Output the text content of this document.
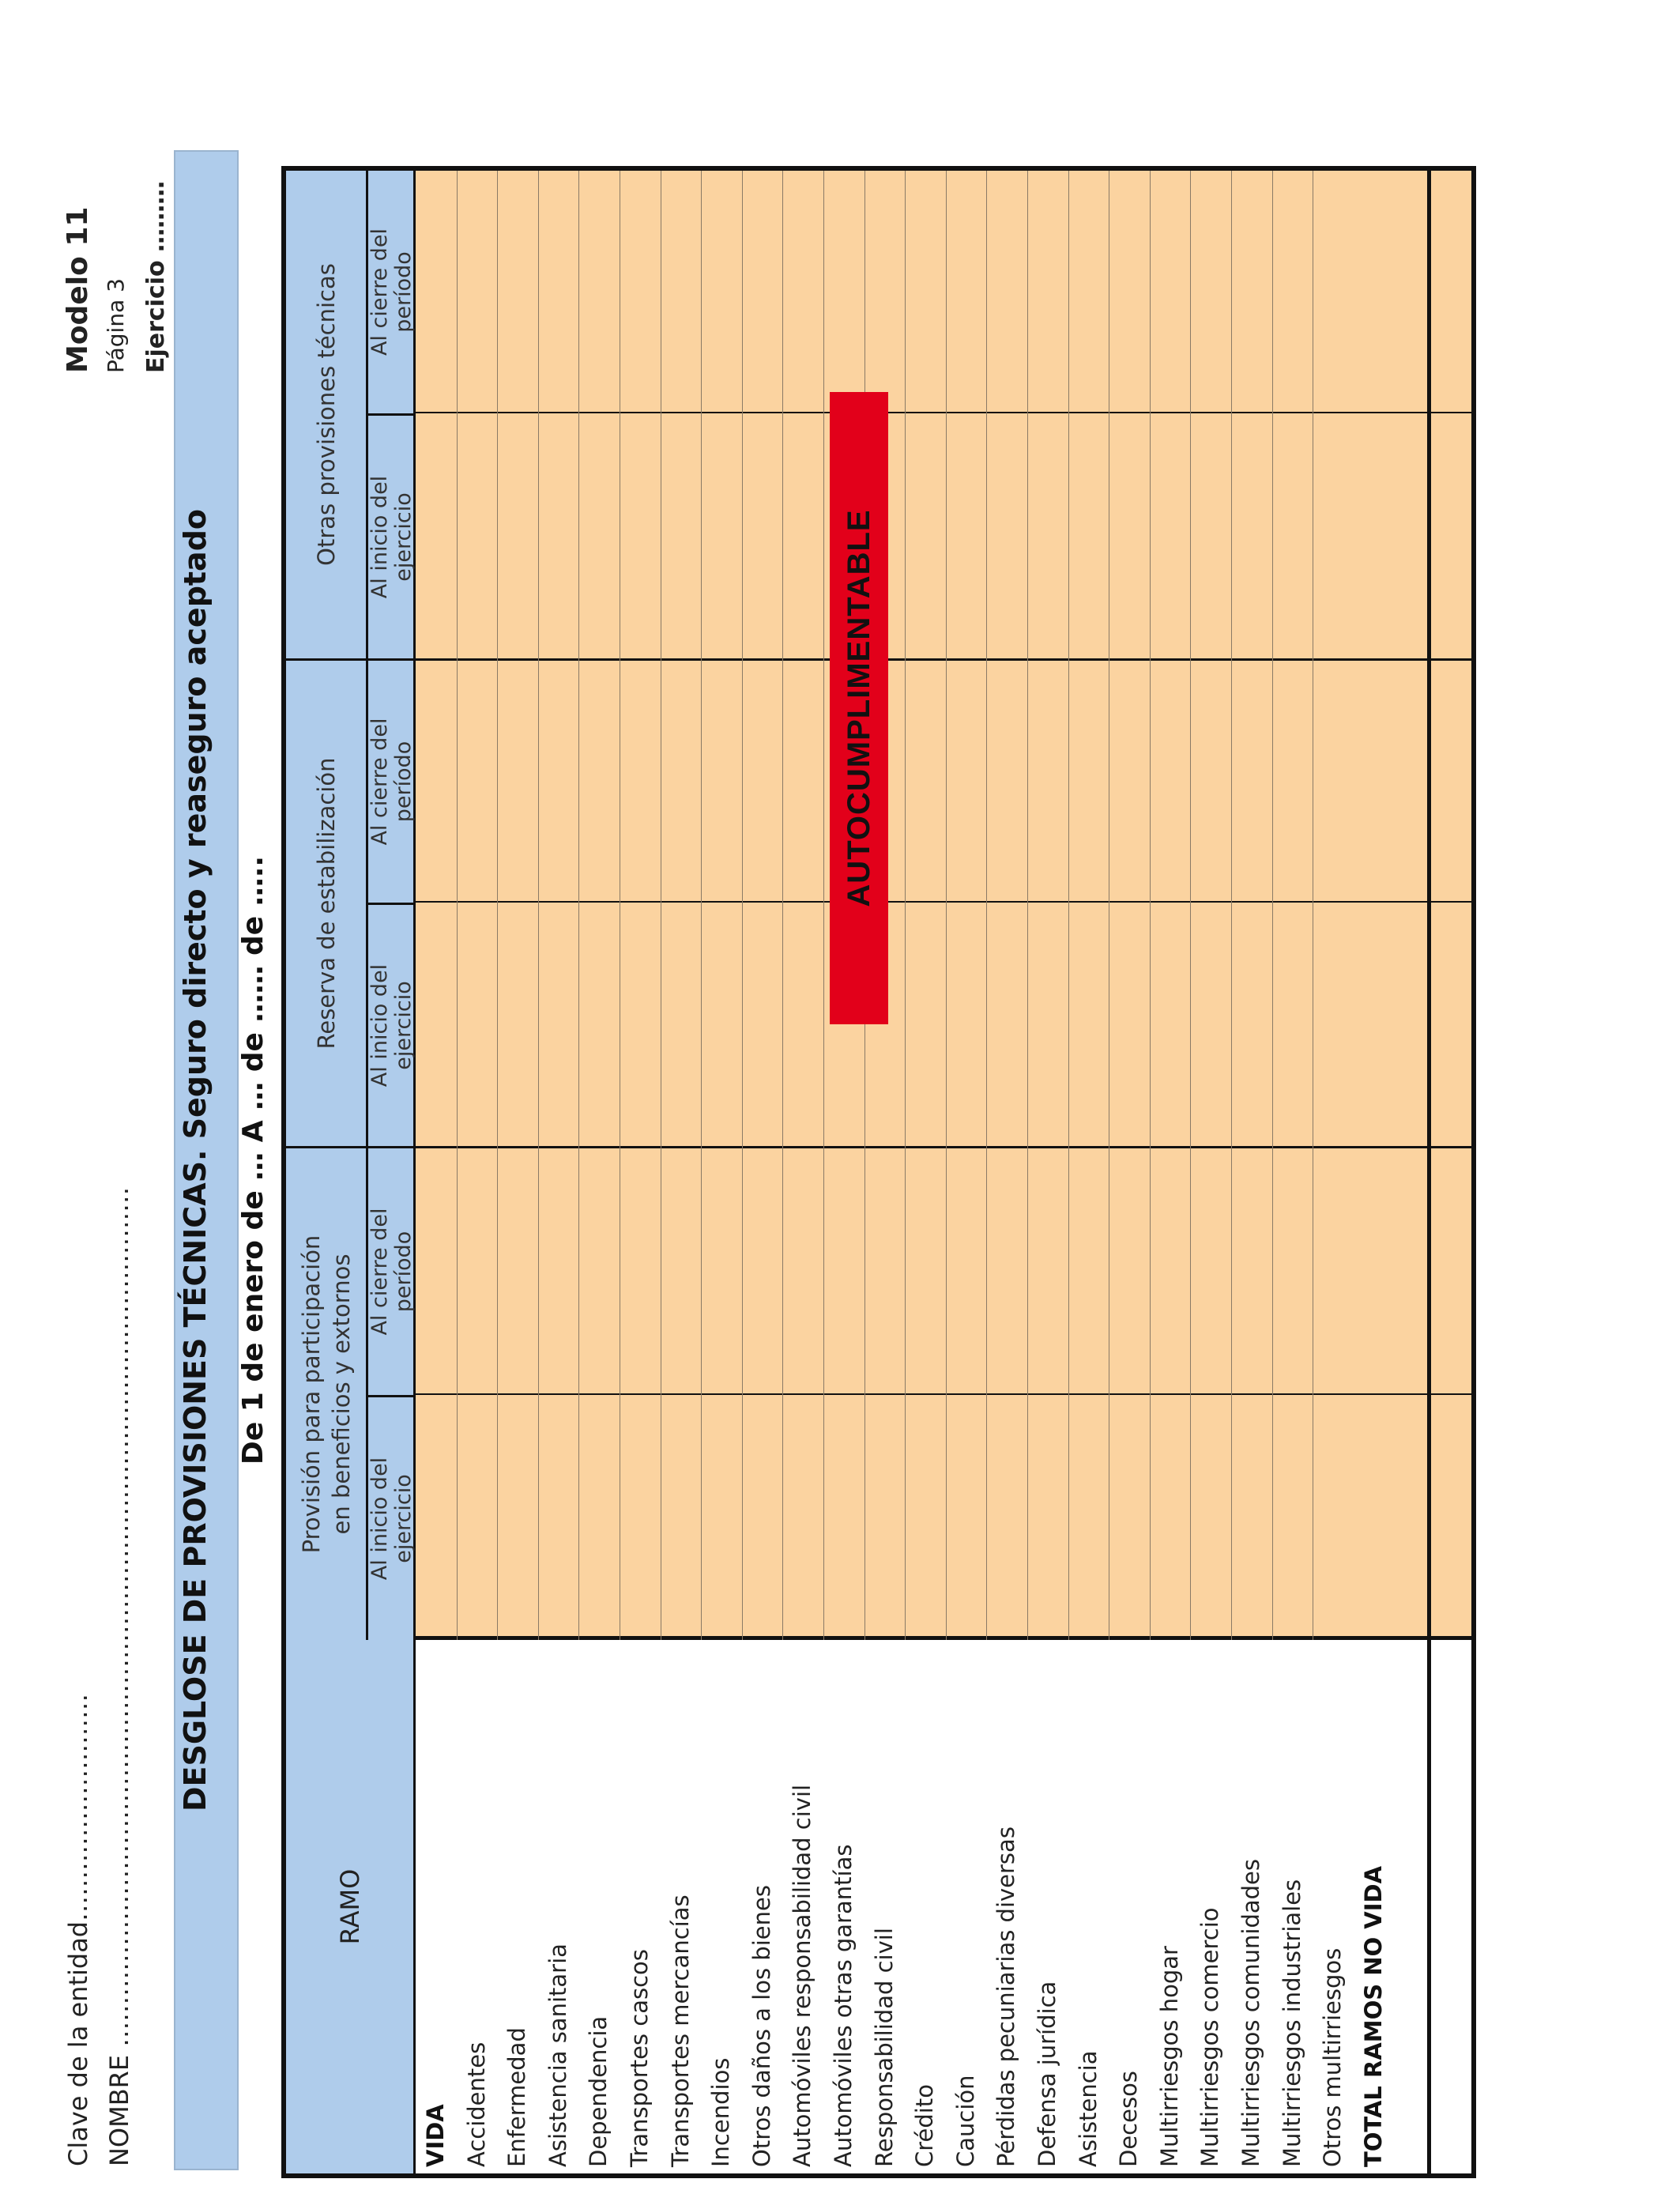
Clave de la entidad……………………… NOMBRE …………………………………………………………………………………………
Modelo 11 Página 3 Ejercicio ………
DESGLOSE DE PROVISIONES TÉCNICAS. Seguro directo y reaseguro aceptado De 1 de enero de … A … de …… de …..
RAMO
VIDA Accidentes Enfermedad Asistencia sanitaria Dependencia Transportes cascos Transportes mercancías Incendios Otros daños a los bienes Automóviles responsabilidad civil Automóviles otras garantías Responsabilidad civil Crédito Caución Pérdidas pecuniarias diversas Defensa jurídica Asistencia Decesos Multirriesgos hogar Multirriesgos comercio Multirriesgos comunidades Multirriesgos industriales Otros multirriesgos TOTAL RAMOS NO VIDA
Provisión para participación en beneficios y extornos Al inicio del ejercicio
Al cierre del período
Reserva de estabilización Al inicio del ejercicio
Al cierre del período
Otras provisiones técnicas Al inicio del ejercicio
Al cierre del período
AUTOCUMPLIMENTABLE
